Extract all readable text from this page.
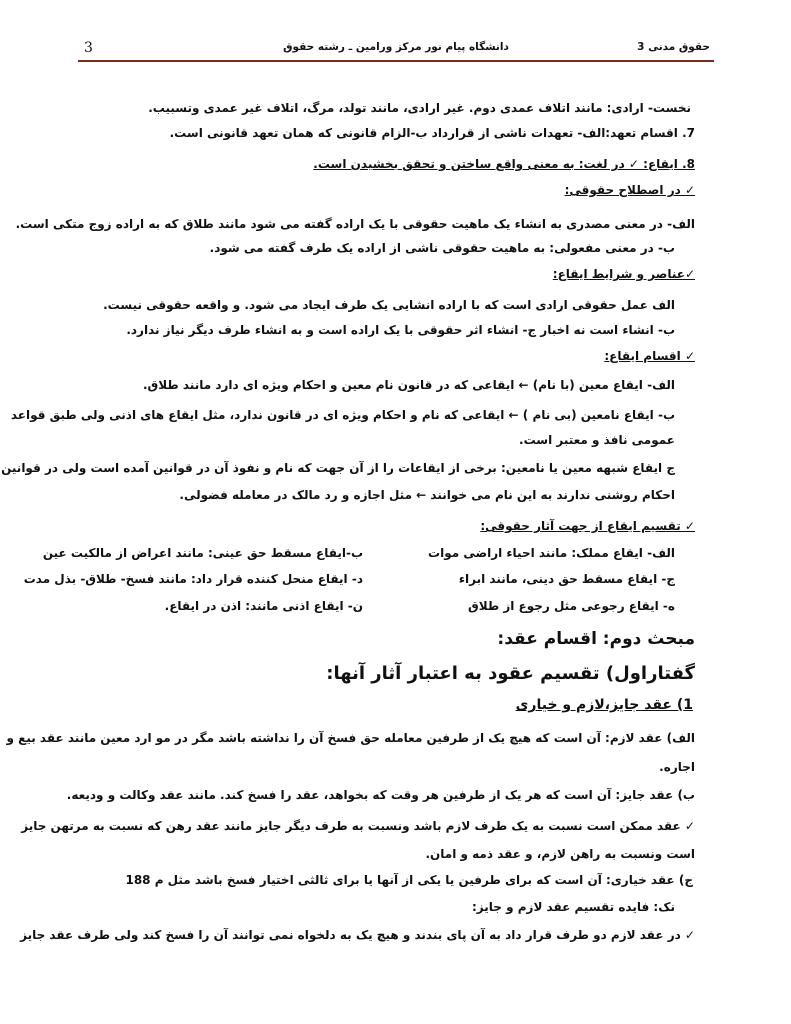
3	دانشگاه پیام نور مرکز ورامین ـ رشته حقوق	حقوق مدنی 3
نخست- ارادی: مانند اتلاف عمدی دوم. غیر ارادی، مانند تولد، مرگ، اتلاف غیر عمدی وتسبیب.
7. اقسام تعهد:الف- تعهدات ناشی از قرارداد ب-الزام قانونی که همان تعهد قانونی است.
8. ایقاع: ✓ در لغت: به معنی واقع ساختن و تحقق بخشیدن است.
✓ در اصطلاح حقوقی:
الف- در معنی مصدری به انشاء یک ماهیت حقوقی با یک اراده گفته می شود مانند طلاق که به اراده زوج متکی است.
ب- در معنی مفعولی: به ماهیت حقوقی ناشی از اراده یک طرف گفته می شود.
✓عناصر و شرایط ایقاع:
الف عمل حقوقی ارادی است که با اراده انشایی یک طرف ایجاد می شود. و واقعه حقوقی نیست.
ب- انشاء است نه اخبار ج- انشاء اثر حقوقی با یک اراده است و به انشاء طرف دیگر نیاز ندارد.
✓ اقسام ایقاع:
الف- ایقاع معین (با نام) ← ایقاعی که در قانون نام معین و احکام ویژه ای دارد مانند طلاق.
ب- ایقاع نامعین (بی نام ) ← ایقاعی که نام و احکام ویژه ای در قانون ندارد، مثل ایقاع های اذنی ولی طبق قواعد
عمومی نافذ و معتبر است.
ج ایقاع شبهه معین یا نامعین: برخی از ایقاعات را از آن جهت که نام و نفوذ آن در قوانین آمده است ولی در قوانین
احکام روشنی ندارند به این نام می خوانند ← مثل اجازه و رد مالک در معامله فضولی.
✓ تقسیم ایقاع از جهت آثار حقوقی:
الف- ایقاع مملک: مانند احیاء اراضی موات
ب-ایقاع مسقط حق عینی: مانند اعراض از مالکیت عین
ج- ایقاع مسقط حق دینی، مانند ابراء
د- ایقاع منحل کننده قرار داد: مانند فسخ- طلاق- بذل مدت
ه- ایقاع رجوعی مثل رجوع از طلاق
ن- ایقاع اذنی مانند: اذن در ایقاع.
مبحث دوم: اقسام عقد:
گفتاراول) تقسیم عقود به اعتبار آثار آنها:
1) عقد جایز،لازم و خیاری
الف) عقد لازم: آن است که هیچ یک از طرفین معامله حق فسخ آن را نداشته باشد مگر در مو ارد معین مانند عقد بیع و
اجاره.
ب) عقد جایز: آن است که هر یک از طرفین هر وقت که بخواهد، عقد را فسخ کند. مانند عقد وکالت و ودیعه.
✓ عقد ممکن است نسبت به یک طرف لازم باشد ونسبت به طرف دیگر جایز مانند عقد رهن که نسبت به مرتهن جایز
است ونسبت به راهن لازم، و عقد ذمه و امان.
ج) عقد خیاری: آن است که برای طرفین یا یکی از آنها یا برای ثالثی اختیار فسخ باشد مثل م 188
نک: فایده تقسیم عقد لازم و جایز:
✓ در عقد لازم دو طرف قرار داد به آن پای بندند و هیچ یک به دلخواه نمی توانند آن را فسخ کند ولی طرف عقد جایز
